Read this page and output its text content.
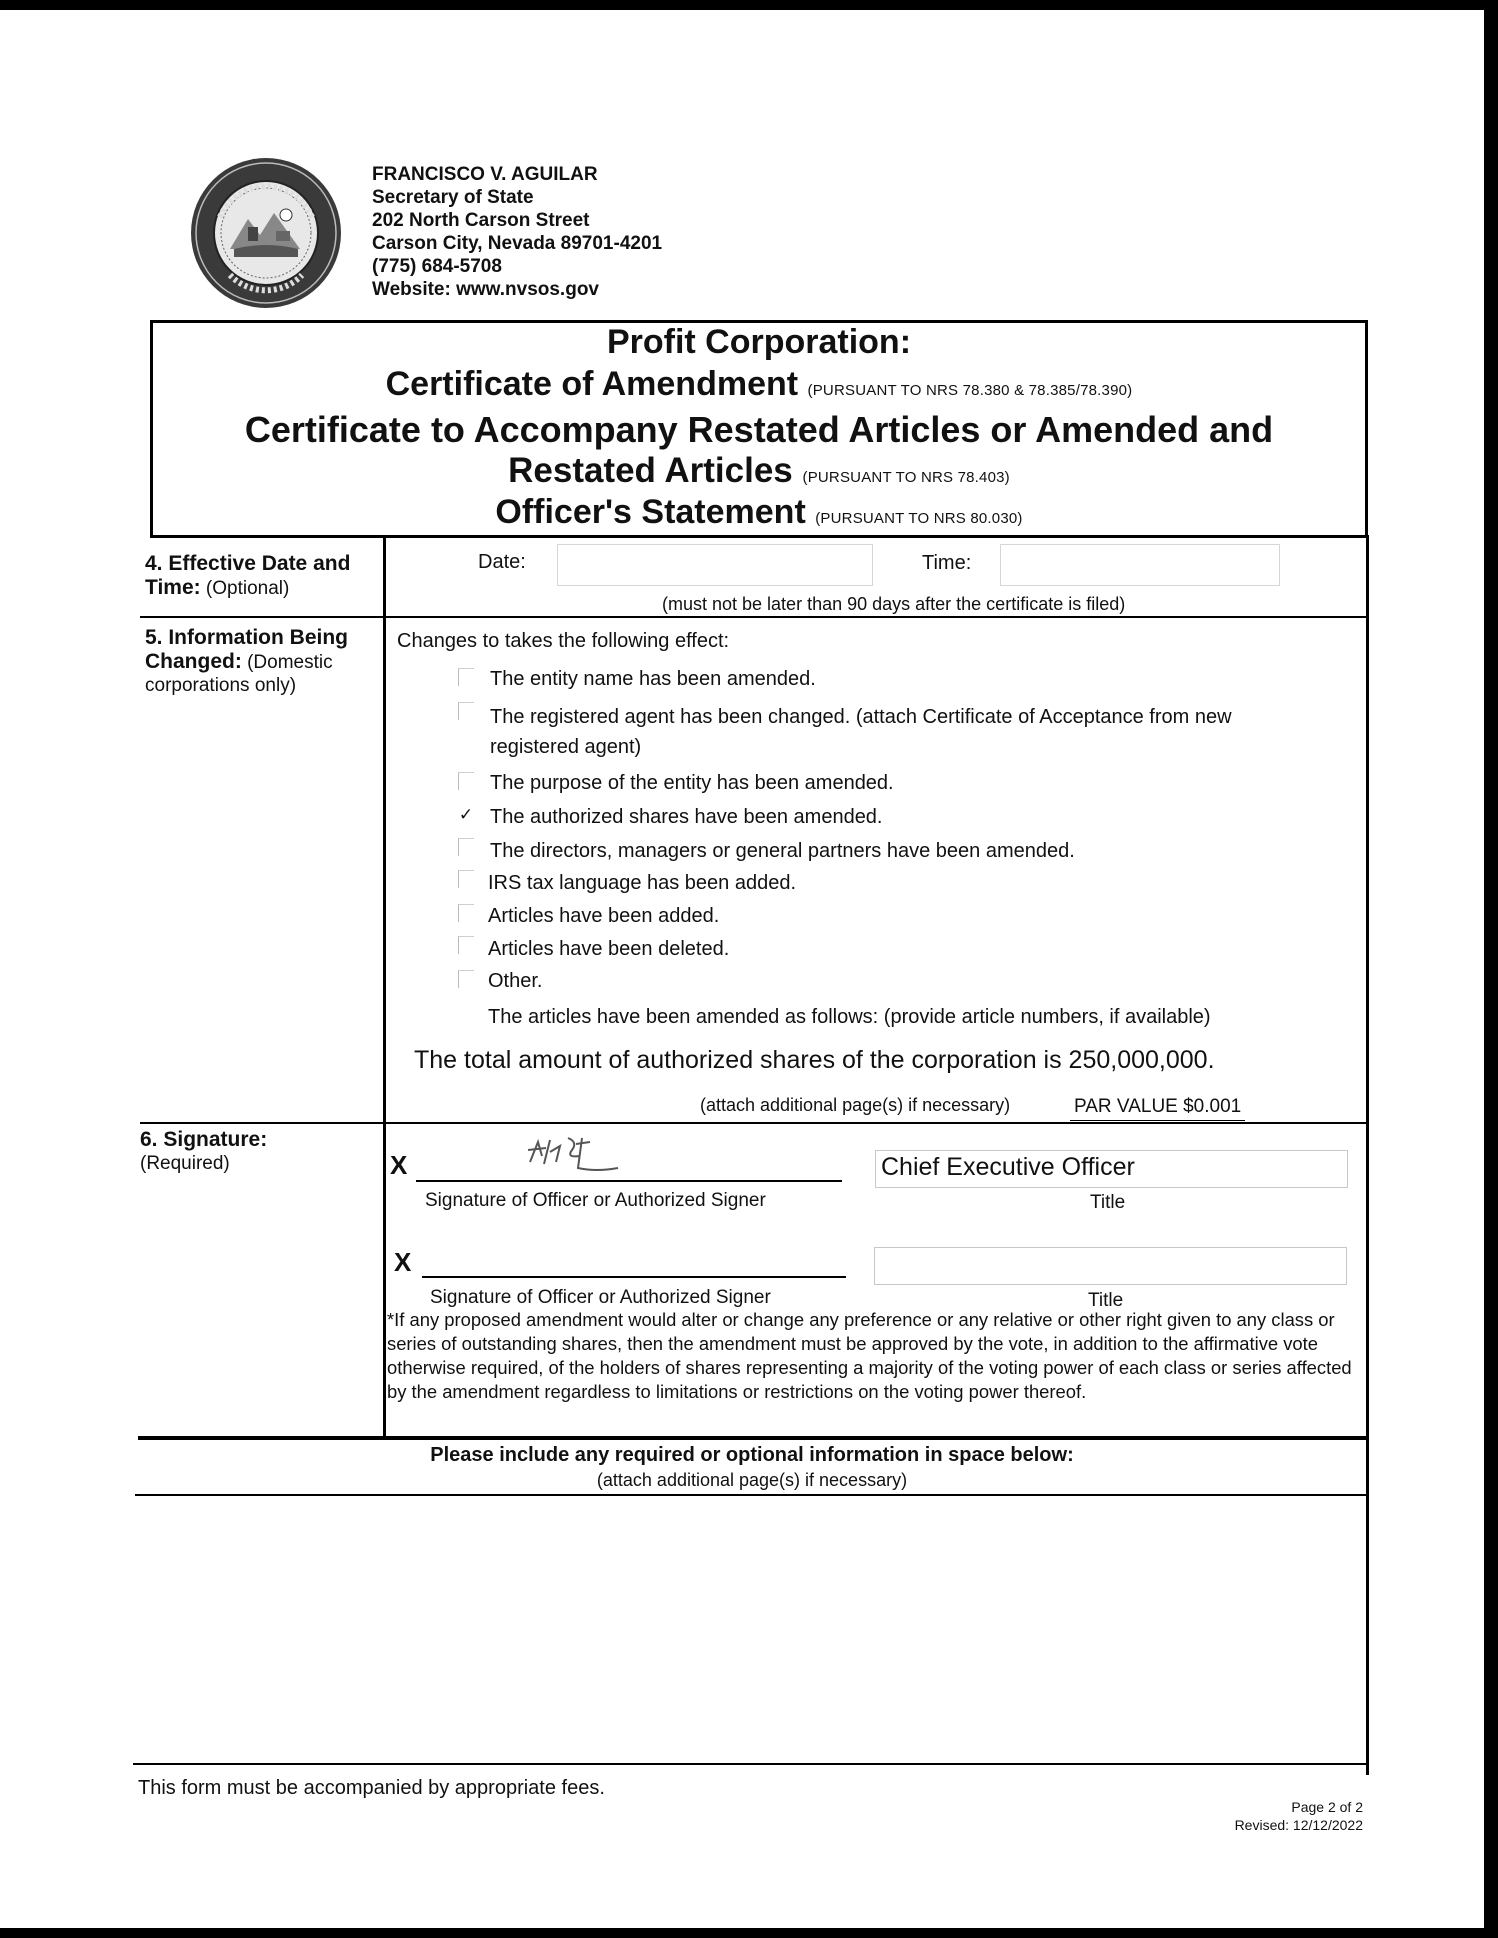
FRANCISCO V. AGUILAR
Secretary of State
202 North Carson Street
Carson City, Nevada 89701-4201
(775) 684-5708
Website: www.nvsos.gov
Profit Corporation:
Certificate of Amendment (PURSUANT TO NRS 78.380 & 78.385/78.390)
Certificate to Accompany Restated Articles or Amended and
Restated Articles (PURSUANT TO NRS 78.403)
Officer's Statement (PURSUANT TO NRS 80.030)
4. Effective Date and Time: (Optional)
Date:	Time:
(must not be later than 90 days after the certificate is filed)
5. Information Being
Changed: (Domestic
corporations only)
Changes to takes the following effect:
The entity name has been amended.
The registered agent has been changed. (attach Certificate of Acceptance from new
registered agent)
The purpose of the entity has been amended.
✓ The authorized shares have been amended.
The directors, managers or general partners have been amended.
IRS tax language has been added.
Articles have been added.
Articles have been deleted.
Other.
The articles have been amended as follows: (provide article numbers, if available)
The total amount of authorized shares of the corporation is 250,000,000.
(attach additional page(s) if necessary)	PAR VALUE $0.001
6. Signature:
(Required)	X
Signature of Officer or Authorized Signer
Chief Executive Officer
Title
X
Signature of Officer or Authorized Signer	Title
*If any proposed amendment would alter or change any preference or any relative or other right given to any class or series of outstanding shares, then the amendment must be approved by the vote, in addition to the affirmative vote otherwise required, of the holders of shares representing a majority of the voting power of each class or series affected by the amendment regardless to limitations or restrictions on the voting power thereof.
Please include any required or optional information in space below:
(attach additional page(s) if necessary)
This form must be accompanied by appropriate fees.
Page 2 of 2
Revised: 12/12/2022
